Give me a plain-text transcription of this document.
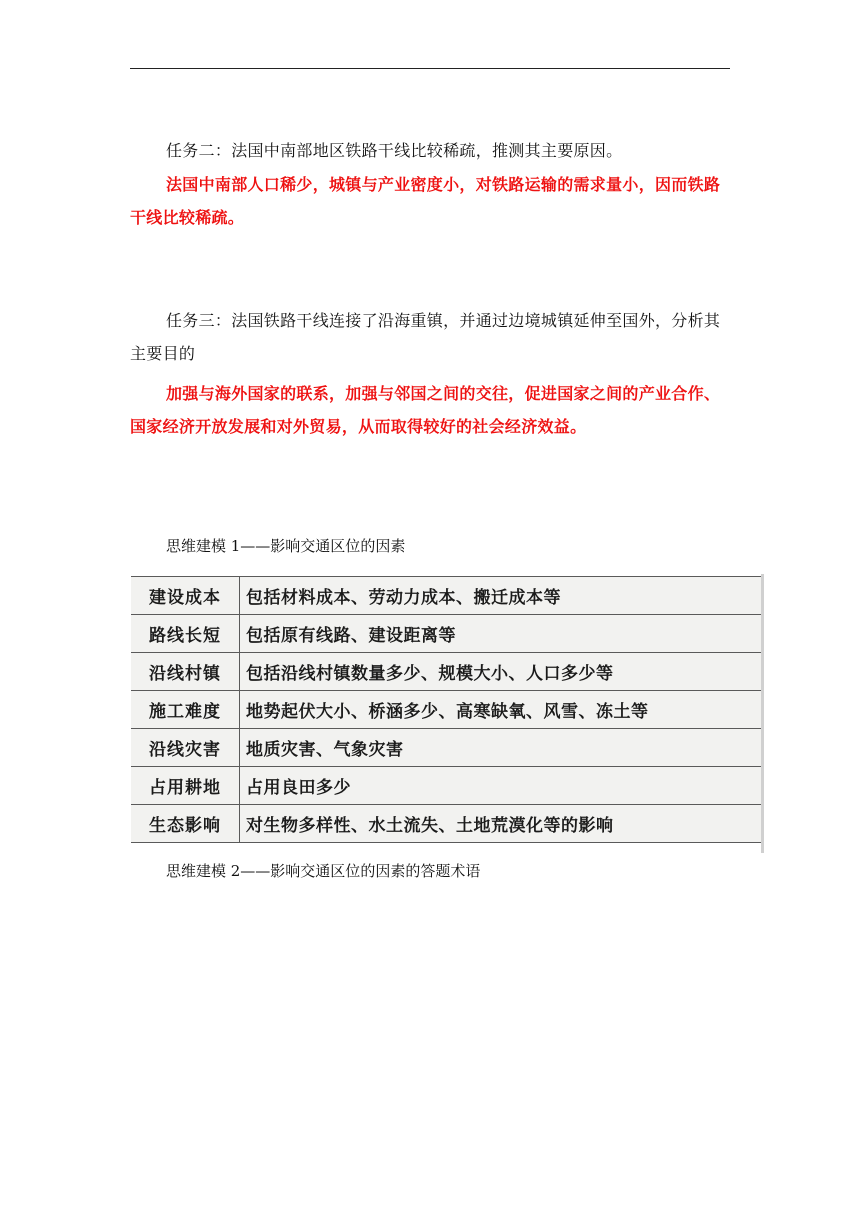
任务二：法国中南部地区铁路干线比较稀疏，推测其主要原因。

法国中南部人口稀少，城镇与产业密度小，对铁路运输的需求量小，因而铁路干线比较稀疏。

任务三：法国铁路干线连接了沿海重镇，并通过边境城镇延伸至国外，分析其主要目的

加强与海外国家的联系，加强与邻国之间的交往，促进国家之间的产业合作、国家经济开放发展和对外贸易，从而取得较好的社会经济效益。

思维建模 1——影响交通区位的因素
建设成本	包括材料成本、劳动力成本、搬迁成本等
路线长短	包括原有线路、建设距离等
沿线村镇	包括沿线村镇数量多少、规模大小、人口多少等
施工难度	地势起伏大小、桥涵多少、高寒缺氧、风雪、冻土等
沿线灾害	地质灾害、气象灾害
占用耕地	占用良田多少
生态影响	对生物多样性、水土流失、土地荒漠化等的影响
思维建模 2——影响交通区位的因素的答题术语
